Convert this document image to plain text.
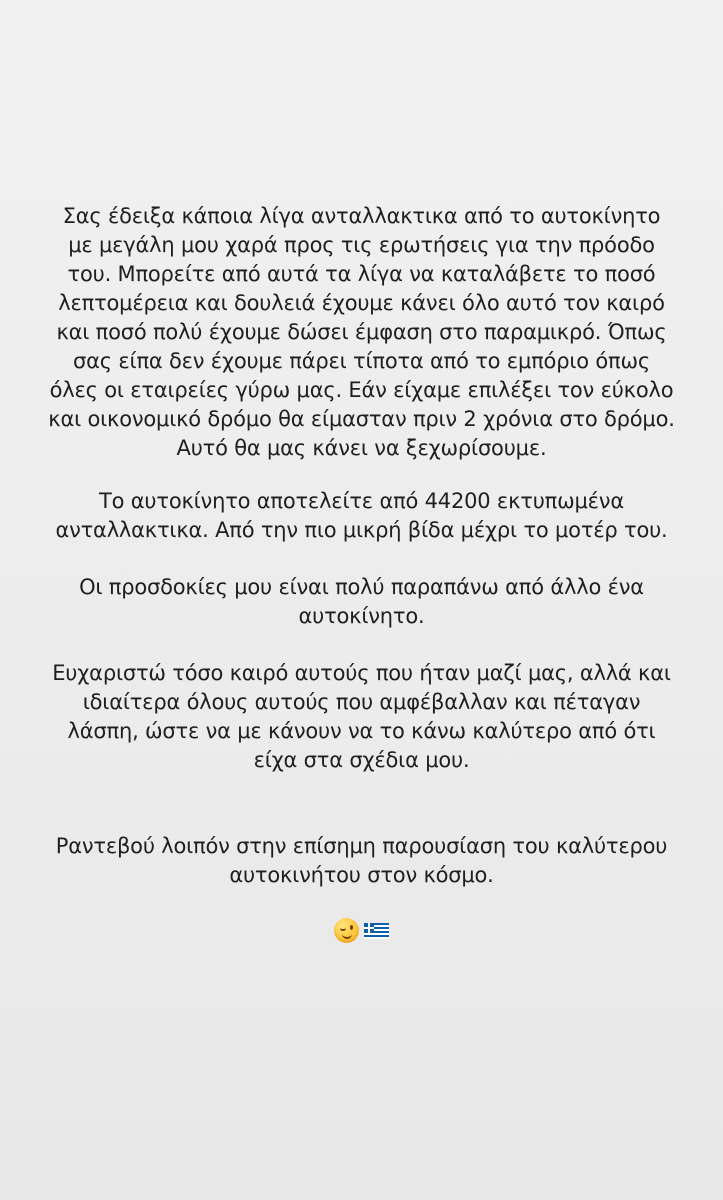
Σας έδειξα κάποια λίγα ανταλλακτικα από το αυτοκίνητο με μεγάλη μου χαρά προς τις ερωτήσεις για την πρόοδο του. Μπορείτε από αυτά τα λίγα να καταλάβετε το ποσό λεπτομέρεια και δουλειά έχουμε κάνει όλο αυτό τον καιρό και ποσό πολύ έχουμε δώσει έμφαση στο παραμικρό. Όπως σας είπα δεν έχουμε πάρει τίποτα από το εμπόριο όπως όλες οι εταιρείες γύρω μας. Εάν είχαμε επιλέξει τον εύκολο και οικονομικό δρόμο θα είμασταν πριν 2 χρόνια στο δρόμο. Αυτό θα μας κάνει να ξεχωρίσουμε.
Το αυτοκίνητο αποτελείτε από 44200 εκτυπωμένα ανταλλακτικα. Από την πιο μικρή βίδα μέχρι το μοτέρ του.
Οι προσδοκίες μου είναι πολύ παραπάνω από άλλο ένα αυτοκίνητο.
Ευχαριστώ τόσο καιρό αυτούς που ήταν μαζί μας, αλλά και ιδιαίτερα όλους αυτούς που αμφέβαλλαν και πέταγαν λάσπη, ώστε να με κάνουν να το κάνω καλύτερο από ότι είχα στα σχέδια μου.
Ραντεβού λοιπόν στην επίσημη παρουσίαση του καλύτερου αυτοκινήτου στον κόσμο.
